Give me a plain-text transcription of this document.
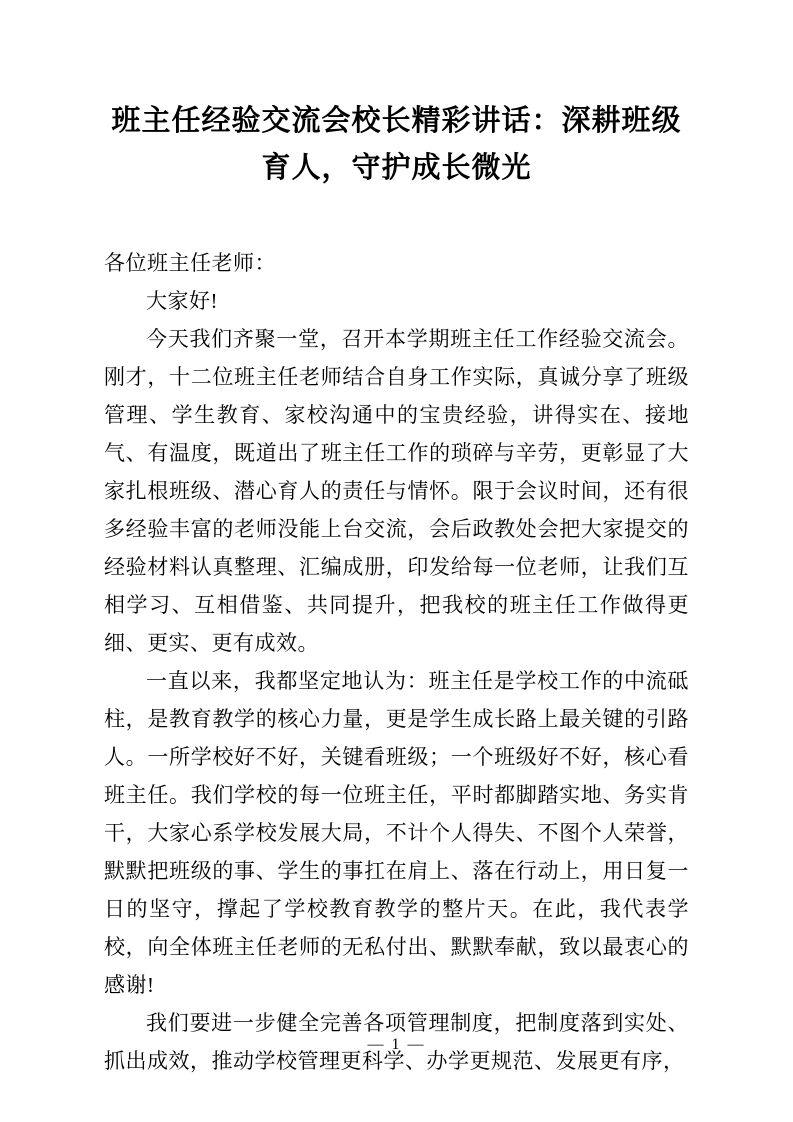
班主任经验交流会校长精彩讲话：深耕班级育人，守护成长微光

各位班主任老师：

大家好!

今天我们齐聚一堂，召开本学期班主任工作经验交流会。刚才，十二位班主任老师结合自身工作实际，真诚分享了班级管理、学生教育、家校沟通中的宝贵经验，讲得实在、接地气、有温度，既道出了班主任工作的琐碎与辛劳，更彰显了大家扎根班级、潜心育人的责任与情怀。限于会议时间，还有很多经验丰富的老师没能上台交流，会后政教处会把大家提交的经验材料认真整理、汇编成册，印发给每一位老师，让我们互相学习、互相借鉴、共同提升，把我校的班主任工作做得更细、更实、更有成效。

一直以来，我都坚定地认为：班主任是学校工作的中流砥柱，是教育教学的核心力量，更是学生成长路上最关键的引路人。一所学校好不好，关键看班级；一个班级好不好，核心看班主任。我们学校的每一位班主任，平时都脚踏实地、务实肯干，大家心系学校发展大局，不计个人得失、不图个人荣誉，默默把班级的事、学生的事扛在肩上、落在行动上，用日复一日的坚守，撑起了学校教育教学的整片天。在此，我代表学校，向全体班主任老师的无私付出、默默奉献，致以最衷心的感谢!

我们要进一步健全完善各项管理制度，把制度落到实处、抓出成效，推动学校管理更科学、办学更规范、发展更有序，

— 1 —
